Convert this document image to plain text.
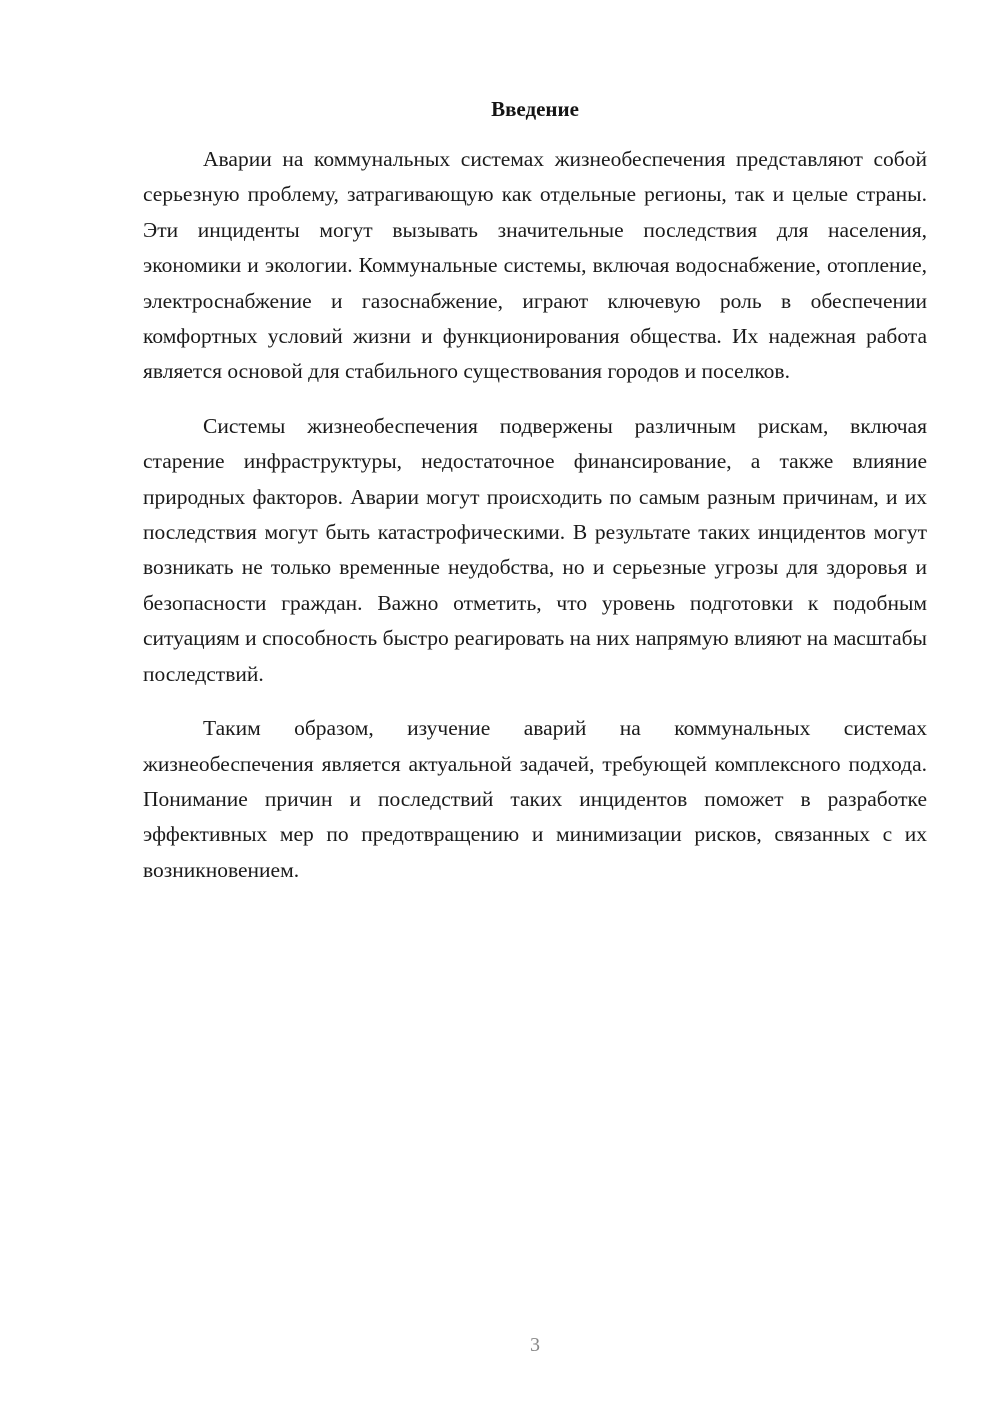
Введение

Аварии на коммунальных системах жизнеобеспечения представляют собой серьезную проблему, затрагивающую как отдельные регионы, так и целые страны. Эти инциденты могут вызывать значительные последствия для населения, экономики и экологии. Коммунальные системы, включая водоснабжение, отопление, электроснабжение и газоснабжение, играют ключевую роль в обеспечении комфортных условий жизни и функционирования общества. Их надежная работа является основой для стабильного существования городов и поселков.

Системы жизнеобеспечения подвержены различным рискам, включая старение инфраструктуры, недостаточное финансирование, а также влияние природных факторов. Аварии могут происходить по самым разным причинам, и их последствия могут быть катастрофическими. В результате таких инцидентов могут возникать не только временные неудобства, но и серьезные угрозы для здоровья и безопасности граждан. Важно отметить, что уровень подготовки к подобным ситуациям и способность быстро реагировать на них напрямую влияют на масштабы последствий.

Таким образом, изучение аварий на коммунальных системах жизнеобеспечения является актуальной задачей, требующей комплексного подхода. Понимание причин и последствий таких инцидентов поможет в разработке эффективных мер по предотвращению и минимизации рисков, связанных с их возникновением.

3
